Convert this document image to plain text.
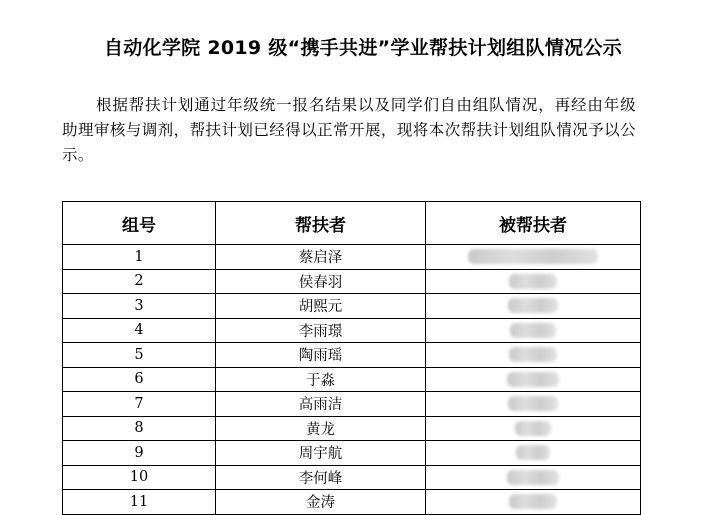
自动化学院 2019 级“携手共进”学业帮扶计划组队情况公示
根据帮扶计划通过年级统一报名结果以及同学们自由组队情况，再经由年级助理审核与调剂，帮扶计划已经得以正常开展，现将本次帮扶计划组队情况予以公示。
组号	帮扶者	被帮扶者
1	蔡启泽	
2	侯春羽	
3	胡熙元	
4	李雨璟	
5	陶雨瑶	
6	于淼	
7	高雨洁	
8	黄龙	
9	周宇航	
10	李何峰	
11	金涛	
